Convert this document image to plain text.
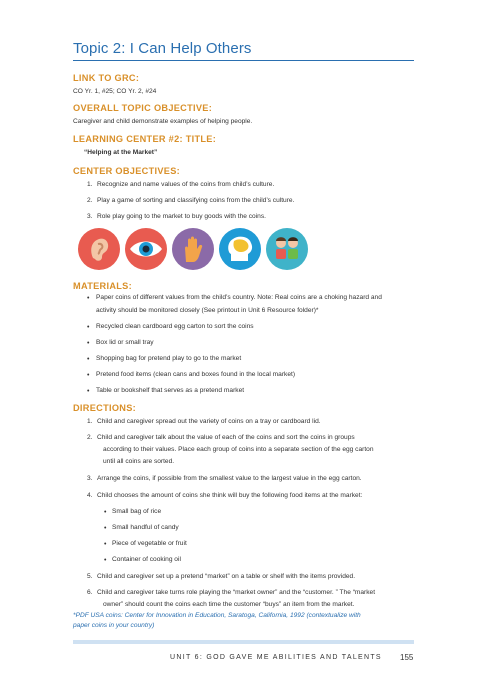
Topic 2: I Can Help Others
LINK TO GRC:
CO Yr. 1, #25; CO Yr. 2, #24
OVERALL TOPIC OBJECTIVE:
Caregiver and child demonstrate examples of helping people.
LEARNING CENTER #2: TITLE:
“Helping at the Market”
CENTER OBJECTIVES:
1. Recognize and name values of the coins from child’s culture.
2. Play a game of sorting and classifying coins from the child’s culture.
3. Role play going to the market to buy goods with the coins.
MATERIALS:
• Paper coins of different values from the child’s country. Note: Real coins are a choking hazard and
activity should be monitored closely (See printout in Unit 6 Resource folder)*
• Recycled clean cardboard egg carton to sort the coins
• Box lid or small tray
• Shopping bag for pretend play to go to the market
• Pretend food items (clean cans and boxes found in the local market)
• Table or bookshelf that serves as a pretend market
DIRECTIONS:
1. Child and caregiver spread out the variety of coins on a tray or cardboard lid.
2. Child and caregiver talk about the value of each of the coins and sort the coins in groups
according to their values. Place each group of coins into a separate section of the egg carton
until all coins are sorted.
3. Arrange the coins, if possible from the smallest value to the largest value in the egg carton.
4. Child chooses the amount of coins she think will buy the following food items at the market:
• Small bag of rice
• Small handful of candy
• Piece of vegetable or fruit
• Container of cooking oil
5. Child and caregiver set up a pretend “market” on a table or shelf with the items provided.
6. Child and caregiver take turns role playing the “market owner” and the “customer. ” The “market
owner” should count the coins each time the customer “buys” an item from the market.
*PDF USA coins: Center for Innovation in Education, Saratoga, California, 1992 (contextualize with
paper coins in your country)
UNIT 6: GOD GAVE ME ABILITIES AND TALENTS 155
